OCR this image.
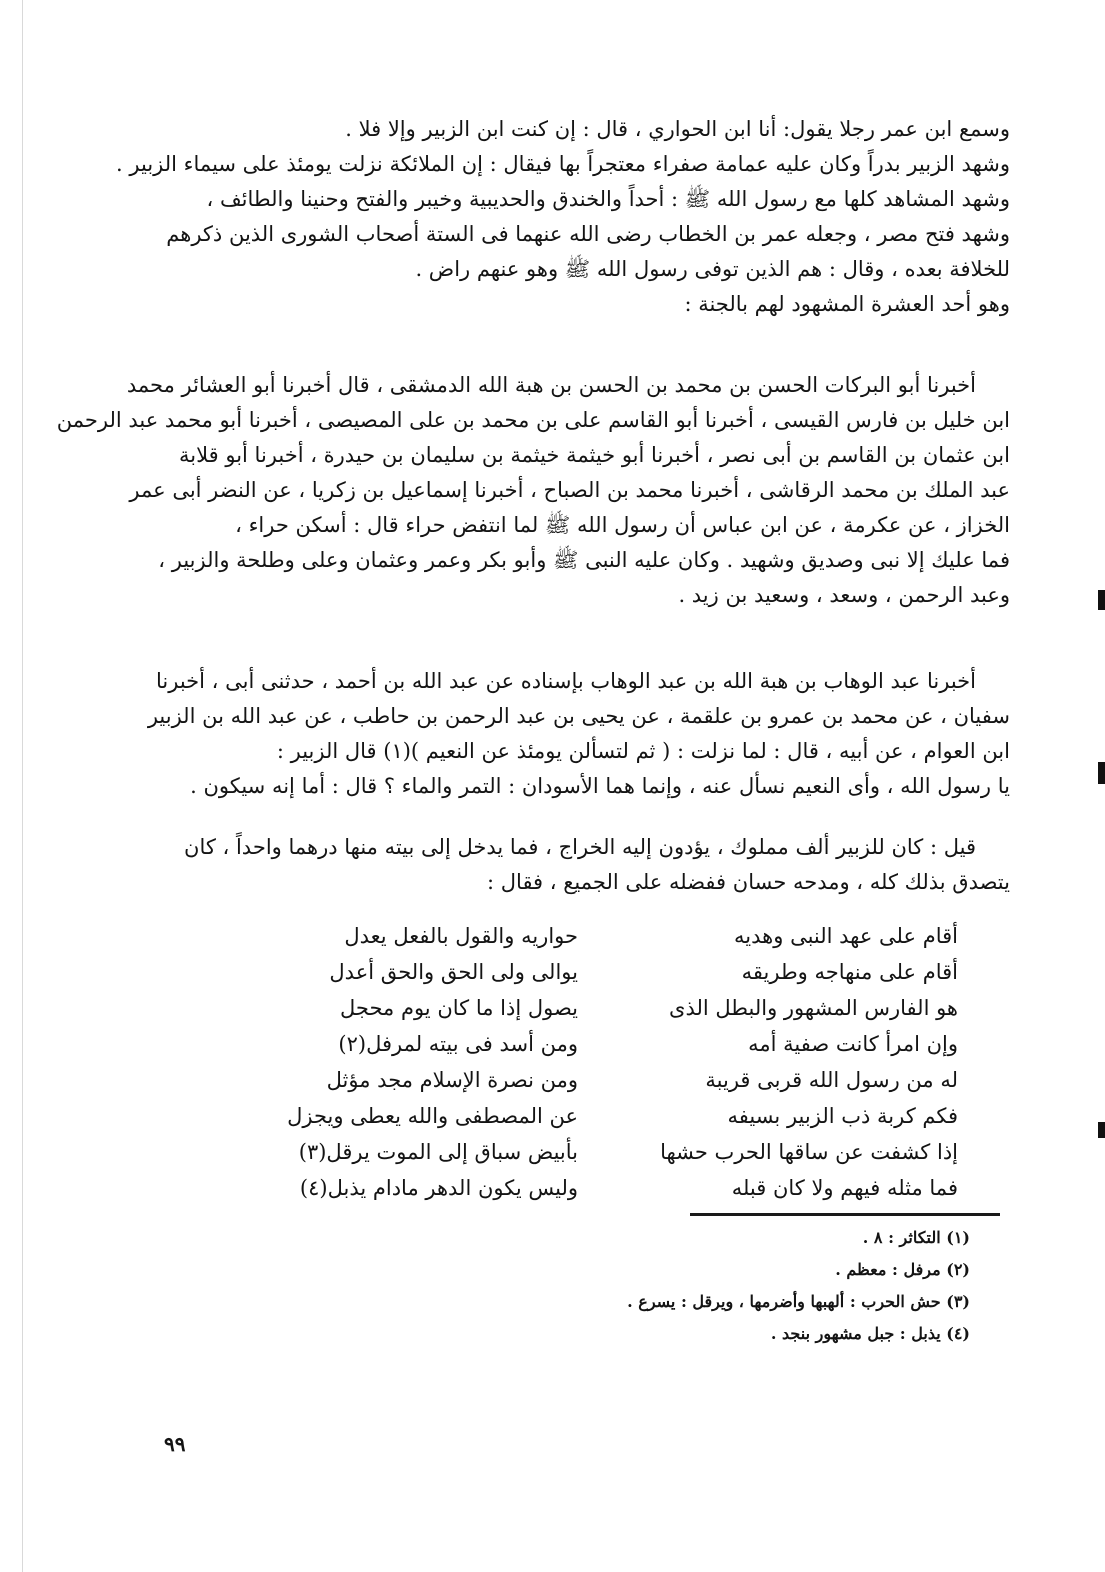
وسمع ابن عمر رجلا يقول: أنا ابن الحواري ، قال : إن كنت ابن الزبير وإلا فلا .
وشهد الزبير بدراً وكان عليه عمامة صفراء معتجراً بها فيقال : إن الملائكة نزلت يومئذ على سيماء الزبير .
وشهد المشاهد كلها مع رسول الله ﷺ : أحداً والخندق والحديبية وخيبر والفتح وحنينا والطائف ،
وشهد فتح مصر ، وجعله عمر بن الخطاب رضى الله عنهما فى الستة أصحاب الشورى الذين ذكرهم
للخلافة بعده ، وقال : هم الذين توفى رسول الله ﷺ وهو عنهم راض .
وهو أحد العشرة المشهود لهم بالجنة :
أخبرنا أبو البركات الحسن بن محمد بن الحسن بن هبة الله الدمشقى ، قال أخبرنا أبو العشائر محمد
ابن خليل بن فارس القيسى ، أخبرنا أبو القاسم على بن محمد بن على المصيصى ، أخبرنا أبو محمد عبد الرحمن
ابن عثمان بن القاسم بن أبى نصر ، أخبرنا أبو خيثمة خيثمة بن سليمان بن حيدرة ، أخبرنا أبو قلابة
عبد الملك بن محمد الرقاشى ، أخبرنا محمد بن الصباح ، أخبرنا إسماعيل بن زكريا ، عن النضر أبى عمر
الخزاز ، عن عكرمة ، عن ابن عباس أن رسول الله ﷺ لما انتفض حراء قال : أسكن حراء ،
فما عليك إلا نبى وصديق وشهيد . وكان عليه النبى ﷺ وأبو بكر وعمر وعثمان وعلى وطلحة والزبير ،
وعبد الرحمن ، وسعد ، وسعيد بن زيد .
أخبرنا عبد الوهاب بن هبة الله بن عبد الوهاب بإسناده عن عبد الله بن أحمد ، حدثنى أبى ، أخبرنا
سفيان ، عن محمد بن عمرو بن علقمة ، عن يحيى بن عبد الرحمن بن حاطب ، عن عبد الله بن الزبير
ابن العوام ، عن أبيه ، قال : لما نزلت : ( ثم لتسألن يومئذ عن النعيم )(١) قال الزبير :
يا رسول الله ، وأى النعيم نسأل عنه ، وإنما هما الأسودان : التمر والماء ؟ قال : أما إنه سيكون .
قيل : كان للزبير ألف مملوك ، يؤدون إليه الخراج ، فما يدخل إلى بيته منها درهما واحداً ، كان
يتصدق بذلك كله ، ومدحه حسان ففضله على الجميع ، فقال :
أقام على عهد النبى وهديه
حواريه والقول بالفعل يعدل
أقام على منهاجه وطريقه
يوالى ولى الحق والحق أعدل
هو الفارس المشهور والبطل الذى
يصول إذا ما كان يوم محجل
وإن امرأ كانت صفية أمه
ومن أسد فى بيته لمرفل(٢)
له من رسول الله قربى قريبة
ومن نصرة الإسلام مجد مؤثل
فكم كربة ذب الزبير بسيفه
عن المصطفى والله يعطى ويجزل
إذا كشفت عن ساقها الحرب حشها
بأبيض سباق إلى الموت يرقل(٣)
فما مثله فيهم ولا كان قبله
وليس يكون الدهر مادام يذبل(٤)
(١) التكاثر : ٨ .
(٢) مرفل : معظم .
(٣) حش الحرب : ألهبها وأضرمها ، ويرقل : يسرع .
(٤) يذبل : جبل مشهور بنجد .
٩٩
